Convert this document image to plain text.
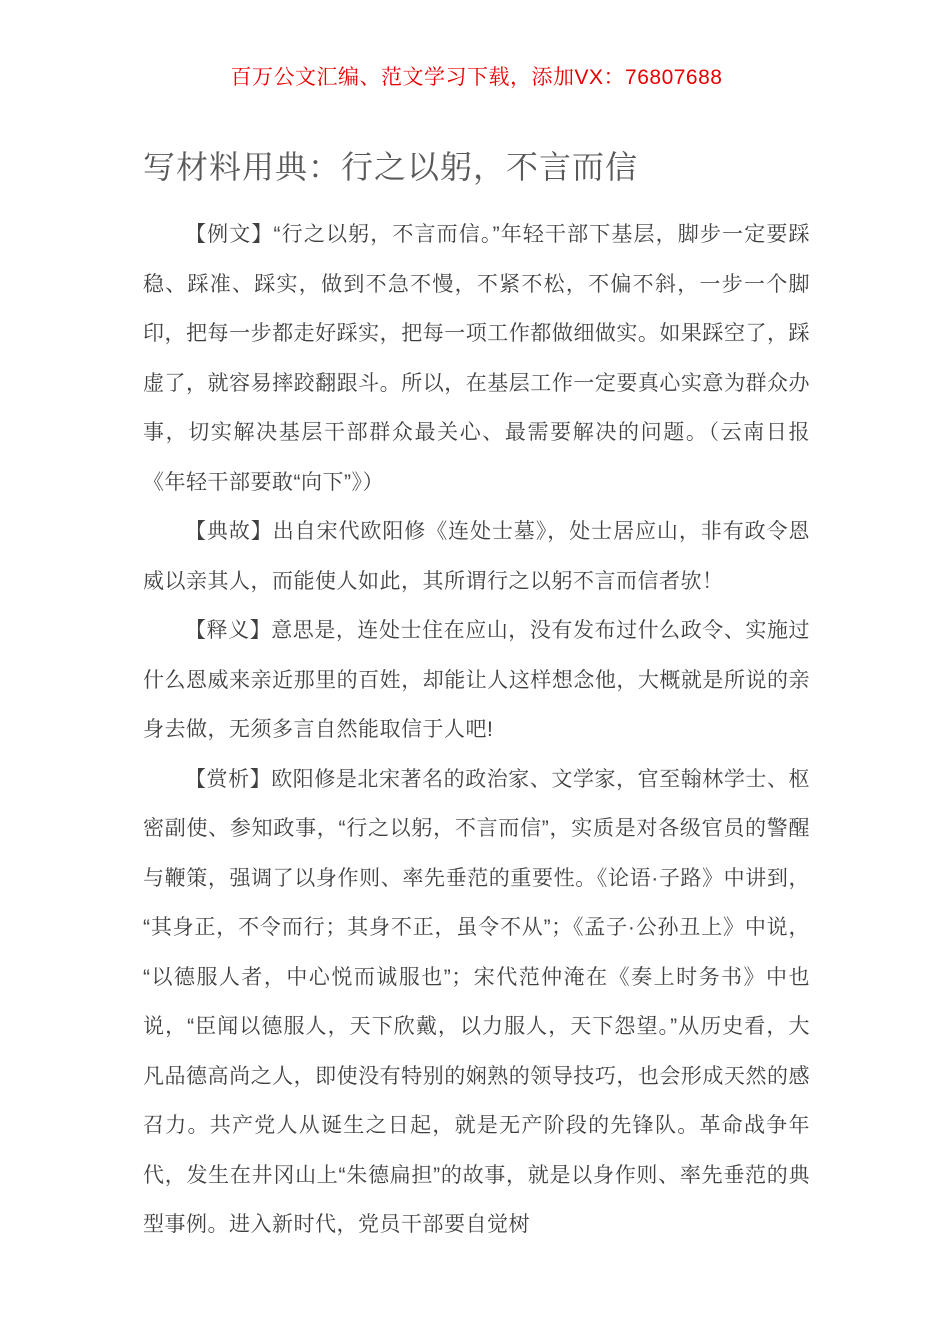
百万公文汇编、范文学习下载，添加VX：76807688
写材料用典：行之以躬，不言而信

【例文】“行之以躬，不言而信。”年轻干部下基层，脚步一定要踩稳、踩准、踩实，做到不急不慢，不紧不松，不偏不斜，一步一个脚印，把每一步都走好踩实，把每一项工作都做细做实。如果踩空了，踩虚了，就容易摔跤翻跟斗。所以，在基层工作一定要真心实意为群众办事，切实解决基层干部群众最关心、最需要解决的问题。（云南日报《年轻干部要敢“向下”》）

【典故】出自宋代欧阳修《连处士墓》，处士居应山，非有政令恩威以亲其人，而能使人如此，其所谓行之以躬不言而信者欤！

【释义】意思是，连处士住在应山，没有发布过什么政令、实施过什么恩威来亲近那里的百姓，却能让人这样想念他，大概就是所说的亲身去做，无须多言自然能取信于人吧!

【赏析】欧阳修是北宋著名的政治家、文学家，官至翰林学士、枢密副使、参知政事，“行之以躬，不言而信”，实质是对各级官员的警醒与鞭策，强调了以身作则、率先垂范的重要性。《论语·子路》中讲到，“其身正，不令而行；其身不正，虽令不从”；《孟子·公孙丑上》中说，“以德服人者，中心悦而诚服也”；宋代范仲淹在《奏上时务书》中也说，“臣闻以德服人，天下欣戴，以力服人，天下怨望。”从历史看，大凡品德高尚之人，即使没有特别的娴熟的领导技巧，也会形成天然的感召力。共产党人从诞生之日起，就是无产阶段的先锋队。革命战争年代，发生在井冈山上“朱德扁担”的故事，就是以身作则、率先垂范的典型事例。进入新时代，党员干部要自觉树
